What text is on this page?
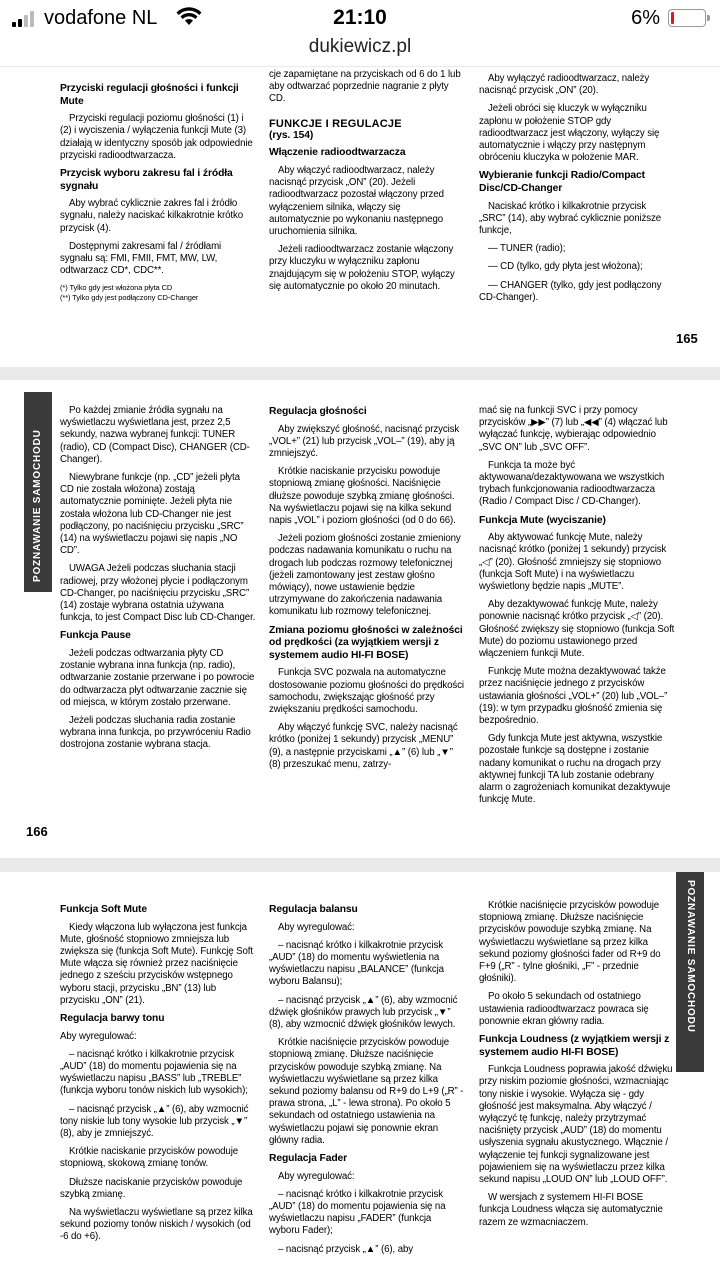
vodafone NL	21:10	6%
dukiewicz.pl

Przyciski regulacji głośności i funkcji Mute

Przyciski regulacji poziomu głośności (1) i (2) i wyciszenia / wyłączenia funkcji Mute (3) działają w identyczny sposób jak odpowiednie przyciski radioodtwarzacza.

Przycisk wyboru zakresu fal i źródła sygnału

Aby wybrać cyklicznie zakres fal i źródło sygnału, należy naciskać kilkakrotnie krótko przycisk (4).

Dostępnymi zakresami fal / źródłami sygnału są: FMI, FMII, FMT, MW, LW, odtwarzacz CD*, CDC**.

(*) Tylko gdy jest włożona płyta CD

(**) Tylko gdy jest podłączony CD-Changer

cje zapamiętane na przyciskach od 6 do 1 lub aby odtwarzać poprzednie nagranie z płyty CD.

FUNKCJE I REGULACJE

(rys. 154)

Włączenie radioodtwarzacza

Aby włączyć radioodtwarzacz, należy nacisnąć przycisk „ON” (20). Jeżeli radioodtwarzacz pozostał włączony przed wyłączeniem silnika, włączy się automatycznie po wykonaniu następnego uruchomienia silnika.

Jeżeli radioodtwarzacz zostanie włączony przy kluczyku w wyłączniku zapłonu znajdującym się w położeniu STOP, wyłączy się automatycznie po około 20 minutach.

Aby wyłączyć radioodtwarzacz, należy nacisnąć przycisk „ON” (20).

Jeżeli obróci się kluczyk w wyłączniku zapłonu w położenie STOP gdy radioodtwarzacz jest włączony, wyłączy się automatycznie i włączy przy następnym obróceniu kluczyka w położenie MAR.

Wybieranie funkcji Radio/Compact Disc/CD-Changer

Naciskać krótko i kilkakrotnie przycisk „SRC” (14), aby wybrać cyklicznie poniższe funkcje,

— TUNER (radio);

— CD (tylko, gdy płyta jest włożona);

— CHANGER (tylko, gdy jest podłączony CD-Changer).

165
POZNAWANIE SAMOCHODU

Po każdej zmianie źródła sygnału na wyświetlaczu wyświetlana jest, przez 2,5 sekundy, nazwa wybranej funkcji: TUNER (radio), CD (Compact Disc), CHANGER (CD-Changer).

Niewybrane funkcje (np. „CD” jeżeli płyta CD nie została włożona) zostają automatycznie pominięte. Jeżeli płyta nie została włożona lub CD-Changer nie jest podłączony, po naciśnięciu przycisku „SRC” (14) na wyświetlaczu pojawi się napis „NO CD”.

UWAGA Jeżeli podczas słuchania stacji radiowej, przy włożonej płycie i podłączonym CD-Changer, po naciśnięciu przycisku „SRC” (14) zostaje wybrana ostatnia używana funkcja, to jest Compact Disc lub CD-Changer.

Funkcja Pause

Jeżeli podczas odtwarzania płyty CD zostanie wybrana inna funkcja (np. radio), odtwarzanie zostanie przerwane i po powrocie do odtwarzacza płyt odtwarzanie zacznie się od miejsca, w którym zostało przerwane.

Jeżeli podczas słuchania radia zostanie wybrana inna funkcja, po przywróceniu Radio dostrojona zostanie wybrana stacja.

Regulacja głośności

Aby zwiększyć głośność, nacisnąć przycisk „VOL+” (21) lub przycisk „VOL–” (19), aby ją zmniejszyć.

Krótkie naciskanie przycisku powoduje stopniową zmianę głośności. Naciśnięcie dłuższe powoduje szybką zmianę głośności. Na wyświetlaczu pojawi się na kilka sekund napis „VOL” i poziom głośności (od 0 do 66).

Jeżeli poziom głośności zostanie zmieniony podczas nadawania komunikatu o ruchu na drogach lub podczas rozmowy telefonicznej (jeżeli zamontowany jest zestaw głośno mówiący), nowe ustawienie będzie utrzymywane do zakończenia nadawania komunikatu lub rozmowy telefonicznej.

Zmiana poziomu głośności w zależności od prędkości (za wyjątkiem wersji z systemem audio HI-FI BOSE)

Funkcja SVC pozwala na automatyczne dostosowanie poziomu głośności do prędkości samochodu, zwiększając głośność przy zwiększaniu prędkości samochodu.

Aby włączyć funkcję SVC, należy nacisnąć krótko (poniżej 1 sekundy) przycisk „MENU” (9), a następnie przyciskami „▲” (6) lub „▼” (8) przeszukać menu, zatrzy-

mać się na funkcji SVC i przy pomocy przycisków „▶▶” (7) lub „◀◀” (4) włączać lub wyłączać funkcję, wybierając odpowiednio „SVC ON” lub „SVC OFF”.

Funkcja ta może być aktywowana/dezaktywowana we wszystkich trybach funkcjonowania radioodtwarzacza (Radio / Compact Disc / CD-Changer).

Funkcja Mute (wyciszanie)

Aby aktywować funkcję Mute, należy nacisnąć krótko (poniżej 1 sekundy) przycisk „◁” (20). Głośność zmniejszy się stopniowo (funkcja Soft Mute) i na wyświetlaczu wyświetlony będzie napis „MUTE”.

Aby dezaktywować funkcję Mute, należy ponownie nacisnąć krótko przycisk „◁” (20). Głośność zwiększy się stopniowo (funkcja Soft Mute) do poziomu ustawionego przed włączeniem funkcji Mute.

Funkcję Mute można dezaktywować także przez naciśnięcie jednego z przycisków ustawiania głośności „VOL+” (20) lub „VOL–” (19): w tym przypadku głośność zmienia się bezpośrednio.

Gdy funkcja Mute jest aktywna, wszystkie pozostałe funkcje są dostępne i zostanie nadany komunikat o ruchu na drogach przy aktywnej funkcji TA lub zostanie odebrany alarm o zagrożeniach komunikat dezaktywuje funkcję Mute.

166

Funkcja Soft Mute

Kiedy włączona lub wyłączona jest funkcja Mute, głośność stopniowo zmniejsza lub zwiększa się (funkcja Soft Mute). Funkcję Soft Mute włącza się również przez naciśnięcie jednego z sześciu przycisków wstępnego wyboru stacji, przycisku „BN” (13) lub przycisku „ON” (21).

Regulacja barwy tonu

Aby wyregulować:

– nacisnąć krótko i kilkakrotnie przycisk „AUD” (18) do momentu pojawienia się na wyświetlaczu napisu „BASS” lub „TREBLE” (funkcja wyboru tonów niskich lub wysokich);

– nacisnąć przycisk „▲” (6), aby wzmocnić tony niskie lub tony wysokie lub przycisk „▼” (8), aby je zmniejszyć.

Krótkie naciskanie przycisków powoduje stopniową, skokową zmianę tonów.

Dłuższe naciskanie przycisków powoduje szybką zmianę.

Na wyświetlaczu wyświetlane są przez kilka sekund poziomy tonów niskich / wysokich (od -6 do +6).

Regulacja balansu

Aby wyregulować:

– nacisnąć krótko i kilkakrotnie przycisk „AUD” (18) do momentu wyświetlenia na wyświetlaczu napisu „BALANCE” (funkcja wyboru Balansu);

– nacisnąć przycisk „▲” (6), aby wzmocnić dźwięk głośników prawych lub przycisk „▼” (8), aby wzmocnić dźwięk głośników lewych.

Krótkie naciśnięcie przycisków powoduje stopniową zmianę. Dłuższe naciśnięcie przycisków powoduje szybką zmianę. Na wyświetlaczu wyświetlane są przez kilka sekund poziomy balansu od R+9 do L+9 („R” - prawa strona, „L” - lewa strona). Po około 5 sekundach od ostatniego ustawienia na wyświetlaczu pojawi się ponownie ekran główny radia.

Regulacja Fader

Aby wyregulować:

– nacisnąć krótko i kilkakrotnie przycisk „AUD” (18) do momentu pojawienia się na wyświetlaczu napisu „FADER” (funkcja wyboru Fader);

– nacisnąć przycisk „▲” (6), aby

Krótkie naciśnięcie przycisków powoduje stopniową zmianę. Dłuższe naciśnięcie przycisków powoduje szybką zmianę. Na wyświetlaczu wyświetlane są przez kilka sekund poziomy głośności fader od R+9 do F+9 („R” - tylne głośniki, „F” - przednie głośniki).

Po około 5 sekundach od ostatniego ustawienia radioodtwarzacz powraca się ponownie ekran główny radia.

Funkcja Loudness (z wyjątkiem wersji z systemem audio HI-FI BOSE)

Funkcja Loudness poprawia jakość dźwięku przy niskim poziomie głośności, wzmacniając tony niskie i wysokie. Wyłącza się - gdy głośność jest maksymalna. Aby włączyć / wyłączyć tę funkcję, należy przytrzymać naciśnięty przycisk „AUD” (18) do momentu usłyszenia sygnału akustycznego. Włącznie / wyłączenie tej funkcji sygnalizowane jest pojawieniem się na wyświetlaczu przez kilka sekund napisu „LOUD ON” lub „LOUD OFF”.

W wersjach z systemem HI-FI BOSE funkcja Loudness włącza się automatycznie razem ze wzmacniaczem.

POZNAWANIE SAMOCHODU
